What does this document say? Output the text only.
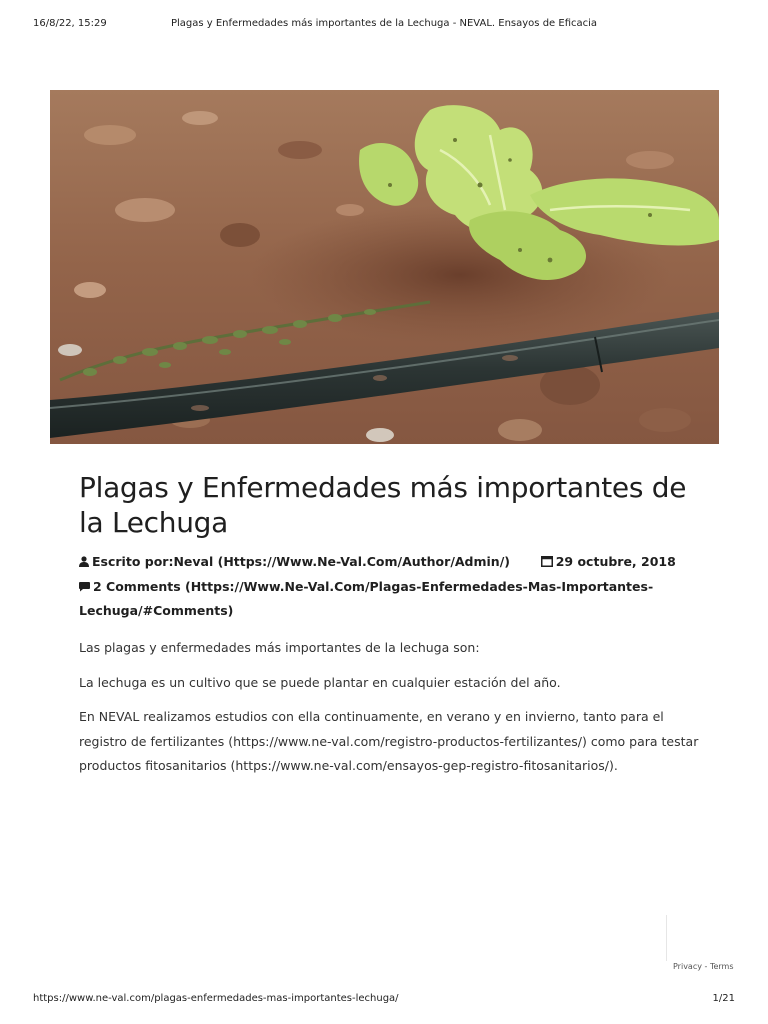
16/8/22, 15:29	Plagas y Enfermedades más importantes de la Lechuga - NEVAL. Ensayos de Eficacia
Plagas y Enfermedades más importantes de la Lechuga
Escrito por:Neval (Https://Www.Ne-Val.Com/Author/Admin/)	29 octubre, 2018
2 Comments (Https://Www.Ne-Val.Com/Plagas-Enfermedades-Mas-Importantes-Lechuga/#Comments)

Las plagas y enfermedades más importantes de la lechuga son:

La lechuga es un cultivo que se puede plantar en cualquier estación del año.

En NEVAL realizamos estudios con ella continuamente, en verano y en invierno, tanto para el registro de fertilizantes (https://www.ne-val.com/registro-productos-fertilizantes/) como para testar productos fitosanitarios (https://www.ne-val.com/ensayos-gep-registro-fitosanitarios/).

Privacy - Terms
https://www.ne-val.com/plagas-enfermedades-mas-importantes-lechuga/	1/21
